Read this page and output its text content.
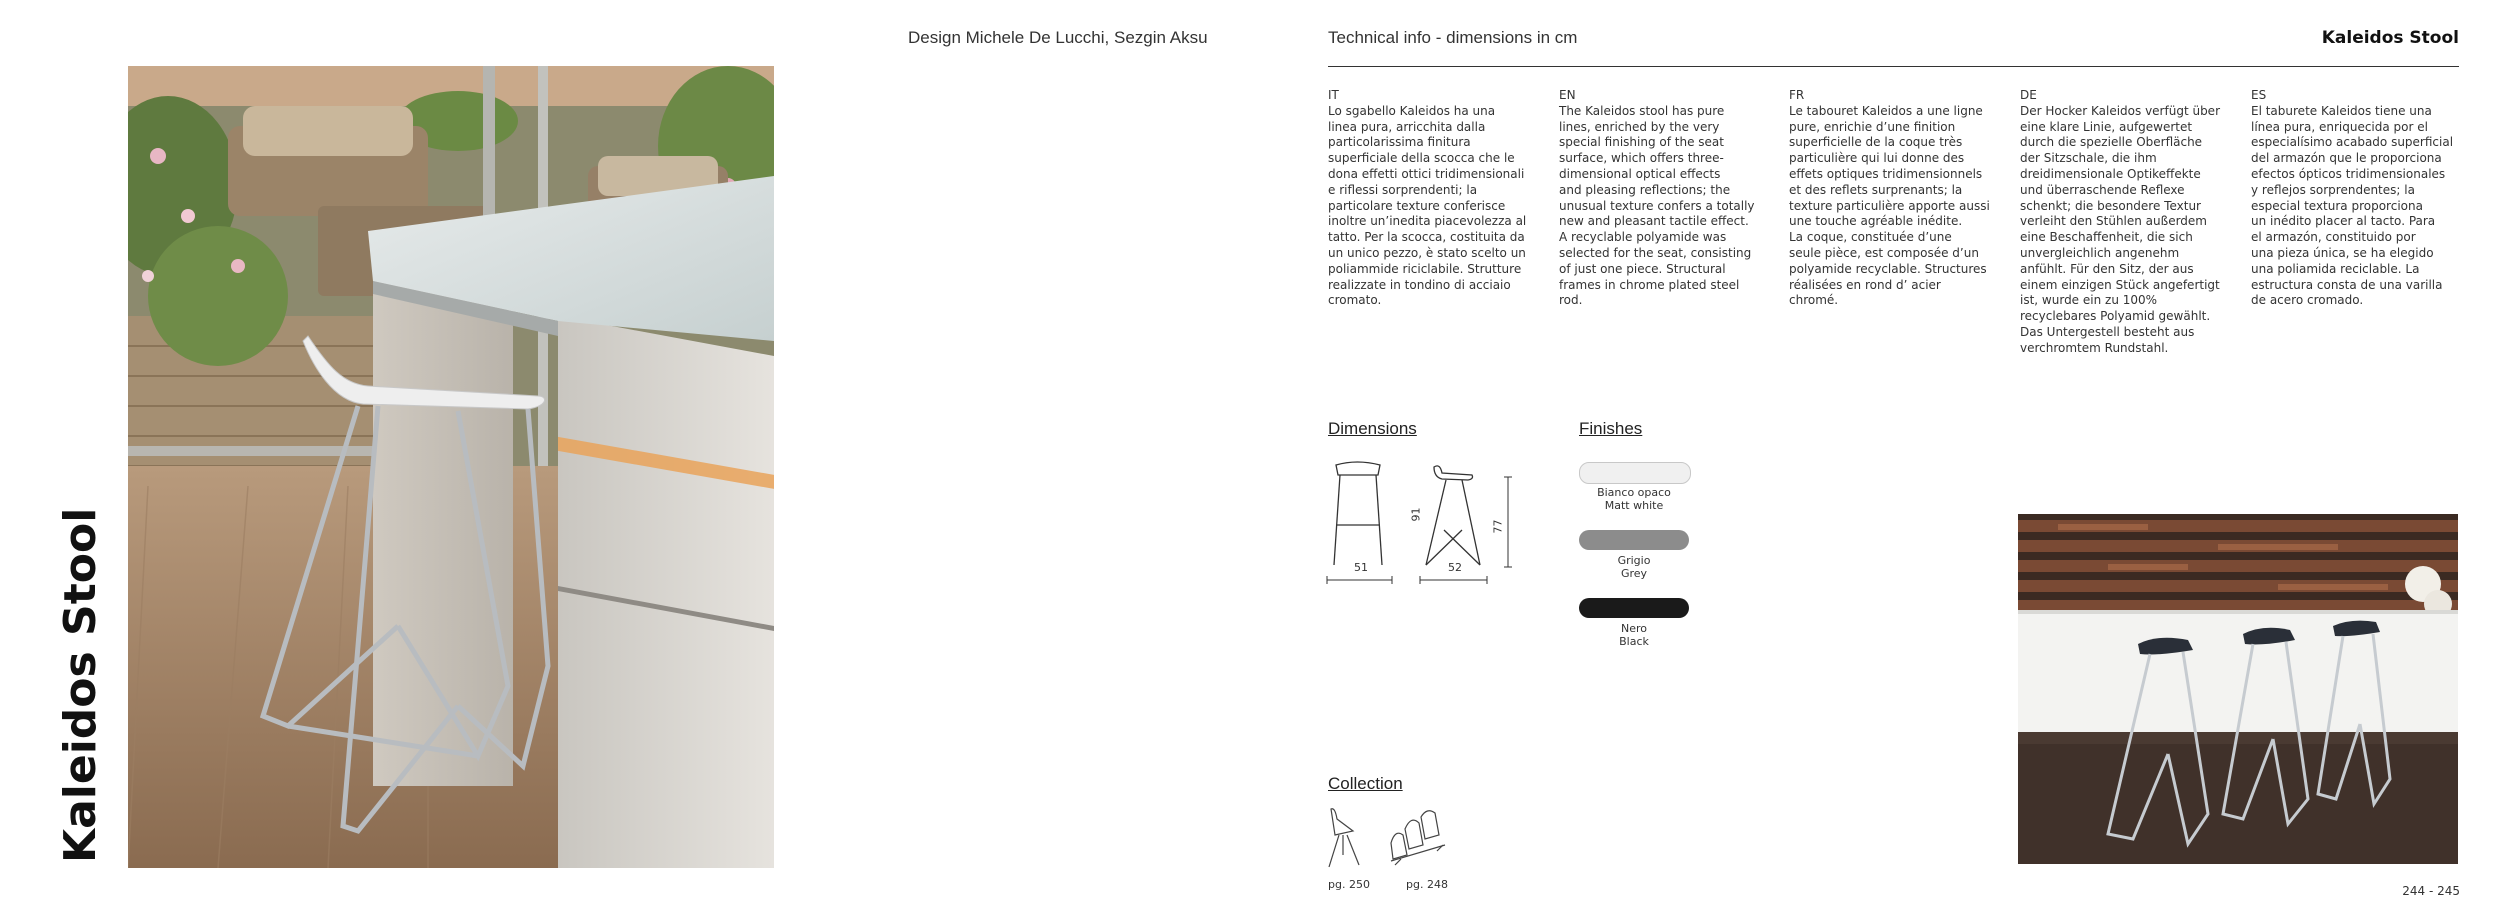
Kaleidos Stool
Design Michele De Lucchi, Sezgin Aksu	Technical info - dimensions in cm	Kaleidos Stool
IT
Lo sgabello Kaleidos ha una
linea pura, arricchita dalla
particolarissima finitura
superficiale della scocca che le
dona effetti ottici tridimensionali
e riflessi sorprendenti; la
particolare texture conferisce
inoltre un’inedita piacevolezza al
tatto. Per la scocca, costituita da
un unico pezzo, è stato scelto un
poliammide riciclabile. Strutture
realizzate in tondino di acciaio
cromato.
EN
The Kaleidos stool has pure
lines, enriched by the very
special finishing of the seat
surface, which offers three-
dimensional optical effects
and pleasing reflections; the
unusual texture confers a totally
new and pleasant tactile effect.
A recyclable polyamide was
selected for the seat, consisting
of just one piece. Structural
frames in chrome plated steel
rod.
FR
Le tabouret Kaleidos a une ligne
pure, enrichie d’une finition
superficielle de la coque très
particulière qui lui donne des
effets optiques tridimensionnels
et des reflets surprenants; la
texture particulière apporte aussi
une touche agréable inédite.
La coque, constituée d’une
seule pièce, est composée d’un
polyamide recyclable. Structures
réalisées en rond d’ acier
chromé.
DE
Der Hocker Kaleidos verfügt über
eine klare Linie, aufgewertet
durch die spezielle Oberfläche
der Sitzschale, die ihm
dreidimensionale Optikeffekte
und überraschende Reflexe
schenkt; die besondere Textur
verleiht den Stühlen außerdem
eine Beschaffenheit, die sich
unvergleichlich angenehm
anfühlt. Für den Sitz, der aus
einem einzigen Stück angefertigt
ist, wurde ein zu 100%
recyclebares Polyamid gewählt.
Das Untergestell besteht aus
verchromtem Rundstahl.
ES
El taburete Kaleidos tiene una
línea pura, enriquecida por el
especialísimo acabado superficial
del armazón que le proporciona
efectos ópticos tridimensionales
y reflejos sorprendentes; la
especial textura proporciona
un inédito placer al tacto. Para
el armazón, constituido por
una pieza única, se ha elegido
una poliamida reciclable. La
estructura consta de una varilla
de acero cromado.
Dimensions
51	52
91
77
Finishes
Bianco opaco
Matt white
Grigio
Grey
Nero
Black
Collection
pg. 250	pg. 248	244 - 245
